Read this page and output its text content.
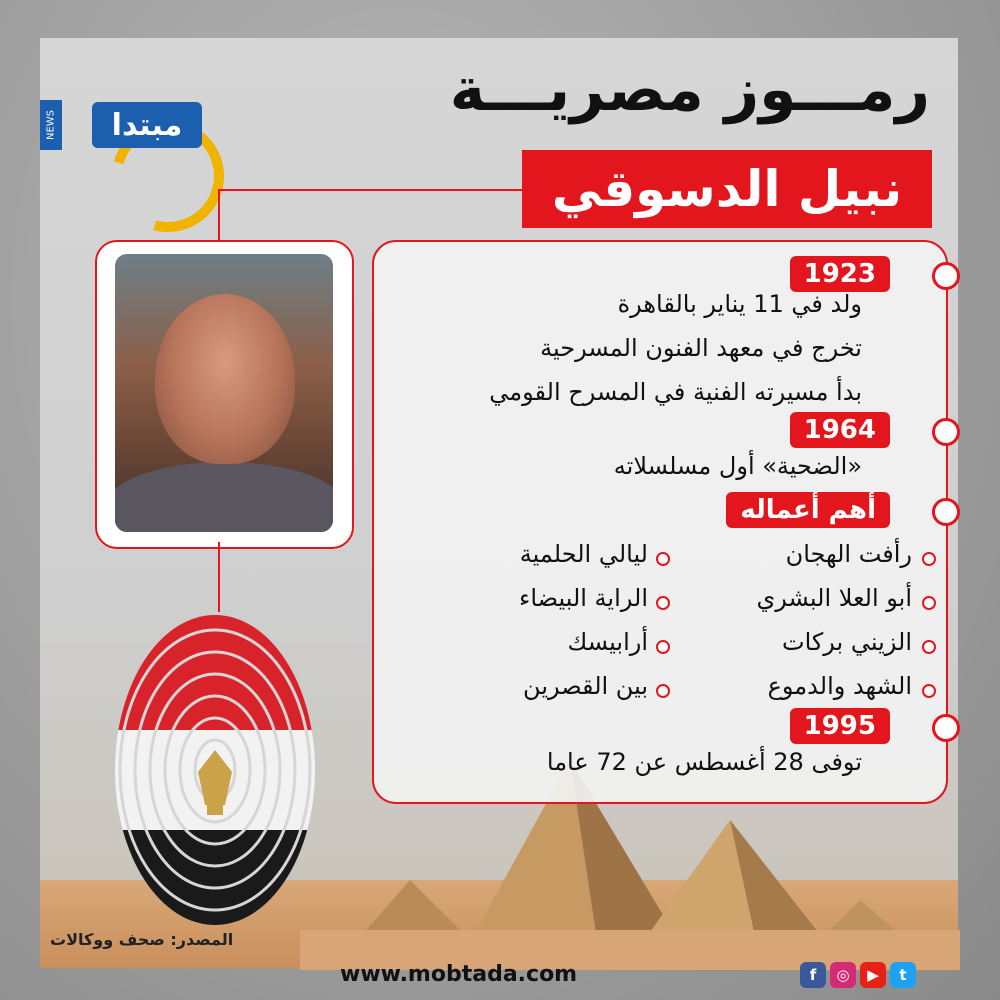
NEWS	مبتدا	رمـــوز مصريـــة
نبيل الدسوقي
1923
ولد في 11 يناير بالقاهرة
تخرج في معهد الفنون المسرحية
بدأ مسيرته الفنية في المسرح القومي
1964
«الضحية» أول مسلسلاته
أهم أعماله
رأفت الهجان
أبو العلا البشري
الزيني بركات
الشهد والدموع
ليالي الحلمية
الراية البيضاء
أرابيسك
بين القصرين
1995
توفى 28 أغسطس عن 72 عاما
المصدر: صحف ووكالات
www.mobtada.com	f ◎ ▶ t
